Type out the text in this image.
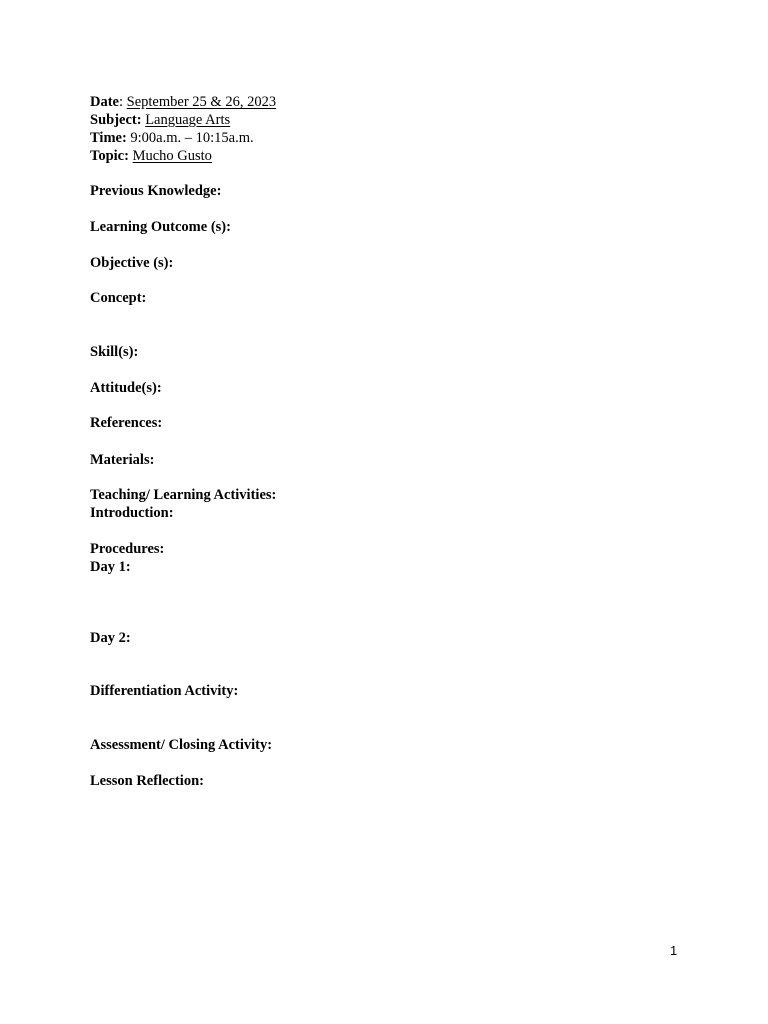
Date: September 25 & 26, 2023
Subject: Language Arts
Time: 9:00a.m. – 10:15a.m.
Topic: Mucho Gusto
Previous Knowledge:
Learning Outcome (s):
Objective (s):
Concept:
Skill(s):
Attitude(s):
References:
Materials:
Teaching/ Learning Activities:
Introduction:
Procedures:
Day 1:
Day 2:
Differentiation Activity:
Assessment/ Closing Activity:
Lesson Reflection:
1
